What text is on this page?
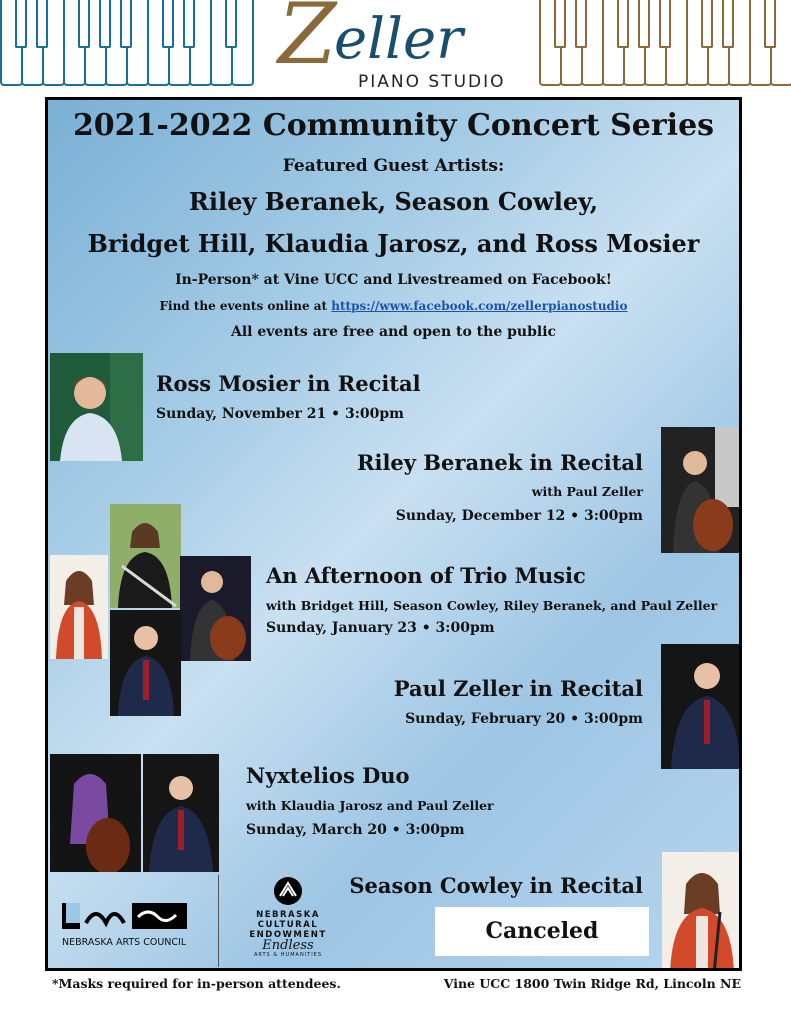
Z
eller
PIANO STUDIO
2021-2022 Community Concert Series
Featured Guest Artists:
Riley Beranek, Season Cowley,
Bridget Hill, Klaudia Jarosz, and Ross Mosier
In-Person* at Vine UCC and Livestreamed on Facebook!
Find the events online at https://www.facebook.com/zellerpianostudio
All events are free and open to the public
Ross Mosier in Recital
Sunday, November 21 • 3:00pm
Riley Beranek in Recital
with Paul Zeller
Sunday, December 12 • 3:00pm
An Afternoon of Trio Music
with Bridget Hill, Season Cowley, Riley Beranek, and Paul Zeller
Sunday, January 23 • 3:00pm
Paul Zeller in Recital
Sunday, February 20 • 3:00pm
Nyxtelios Duo
with Klaudia Jarosz and Paul Zeller
Sunday, March 20 • 3:00pm
Season Cowley in Recital
Canceled
NEBRASKA ARTS COUNCIL
NEBRASKA
CULTURAL
ENDOWMENT
Endless
ARTS & HUMANITIES
*Masks required for in-person attendees.	Vine UCC 1800 Twin Ridge Rd, Lincoln NE
